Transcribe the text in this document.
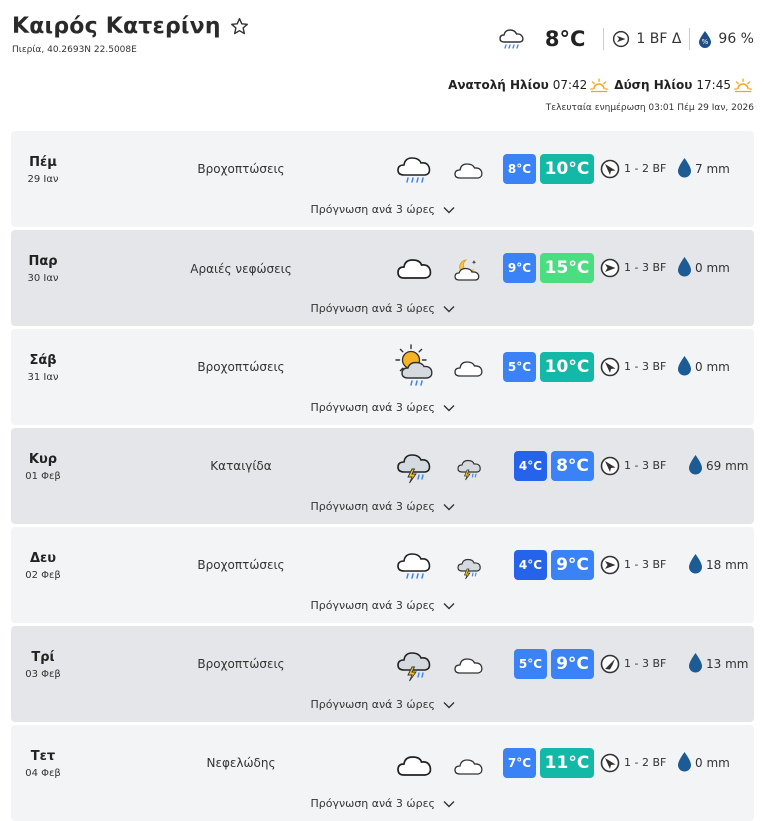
Καιρός Κατερίνη
Πιερία, 40.2693N 22.5008E	8°C	1 BF Δ	% 96 %
Ανατολή Ηλίου 07:42 Δύση Ηλίου 17:45
Τελευταία ενημέρωση 03:01 Πέμ 29 Ιαν, 2026
Πέμ
29 Ιαν
Βροχοπτώσεις	8°C 10°C	1 - 2 BF 7 mm
Πρόγνωση ανά 3 ώρες
Παρ
30 Ιαν
Αραιές νεφώσεις	9°C 15°C	1 - 3 BF 0 mm
Πρόγνωση ανά 3 ώρες
Σάβ
31 Ιαν
Βροχοπτώσεις	5°C 10°C	1 - 3 BF 0 mm
Πρόγνωση ανά 3 ώρες
Κυρ
01 Φεβ
Καταιγίδα	4°C 8°C	1 - 3 BF	69 mm
Πρόγνωση ανά 3 ώρες
Δευ
02 Φεβ
Βροχοπτώσεις	4°C 9°C	1 - 3 BF	18 mm
Πρόγνωση ανά 3 ώρες
Τρί
03 Φεβ
Βροχοπτώσεις	5°C 9°C	1 - 3 BF	13 mm
Πρόγνωση ανά 3 ώρες
Τετ
04 Φεβ
Νεφελώδης	7°C 11°C	1 - 2 BF 0 mm
Πρόγνωση ανά 3 ώρες
